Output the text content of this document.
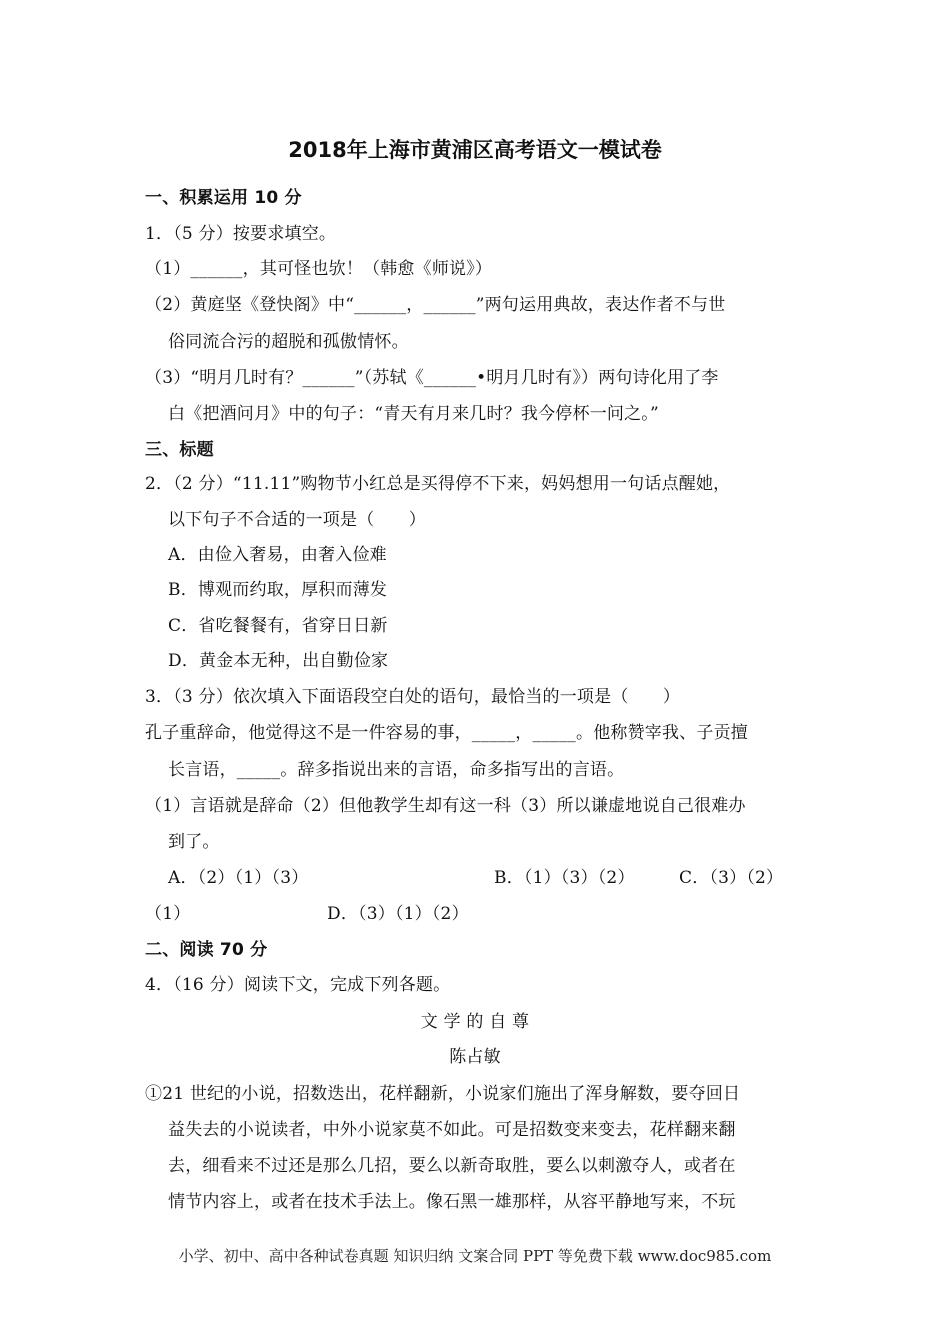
2018年上海市黄浦区高考语文一模试卷
一、积累运用 10 分
1．（5 分）按要求填空。
（1）______，其可怪也欤！（韩愈《师说》）
（2）黄庭坚《登快阁》中“______，______”两句运用典故，表达作者不与世
俗同流合污的超脱和孤傲情怀。
（3）“明月几时有？______”（苏轼《______•明月几时有》）两句诗化用了李
白《把酒问月》中的句子：“青天有月来几时？我今停杯一问之。”
三、标题
2．（2 分）“11.11”购物节小红总是买得停不下来，妈妈想用一句话点醒她，
以下句子不合适的一项是（　　）
A．由俭入奢易，由奢入俭难
B．博观而约取，厚积而薄发
C．省吃餐餐有，省穿日日新
D．黄金本无种，出自勤俭家
3．（3 分）依次填入下面语段空白处的语句，最恰当的一项是（　　）
孔子重辞命，他觉得这不是一件容易的事，_____，_____。他称赞宰我、子贡擅
长言语，_____。辞多指说出来的言语，命多指写出的言语。
（1）言语就是辞命（2）但他教学生却有这一科（3）所以谦虚地说自己很难办
到了。
A．（2）（1）（3）	B．（1）（3）（2）	C．（3）（2）
（1）	D．（3）（1）（2）
二、阅读 70 分
4．（16 分）阅读下文，完成下列各题。
文 学 的 自 尊
陈占敏
①21 世纪的小说，招数迭出，花样翻新，小说家们施出了浑身解数，要夺回日
益失去的小说读者，中外小说家莫不如此。可是招数变来变去，花样翻来翻
去，细看来不过还是那么几招，要么以新奇取胜，要么以刺激夺人，或者在
情节内容上，或者在技术手法上。像石黑一雄那样，从容平静地写来，不玩
小学、初中、高中各种试卷真题 知识归纳 文案合同 PPT 等免费下载 www.doc985.com
